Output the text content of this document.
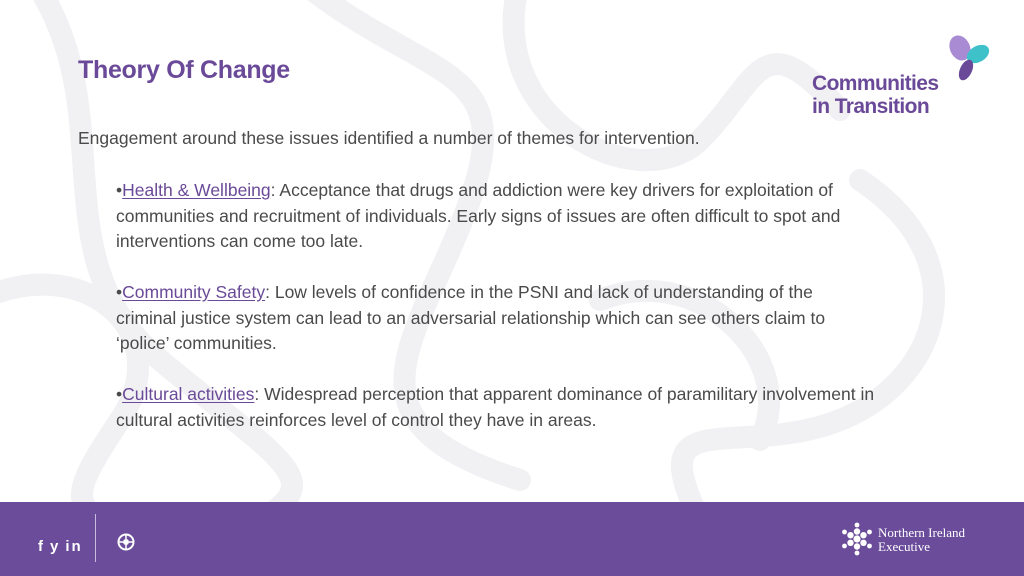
Theory Of Change	Communities
in Transition
Engagement around these issues identified a number of themes for intervention.

•Health & Wellbeing: Acceptance that drugs and addiction were key drivers for exploitation of communities and recruitment of individuals. Early signs of issues are often difficult to spot and interventions can come too late.

•Community Safety: Low levels of confidence in the PSNI and lack of understanding of the criminal justice system can lead to an adversarial relationship which can see others claim to ‘police’ communities.

•Cultural activities: Widespread perception that apparent dominance of paramilitary involvement in cultural activities reinforces level of control they have in areas.

f y in
Northern Ireland
Executive
